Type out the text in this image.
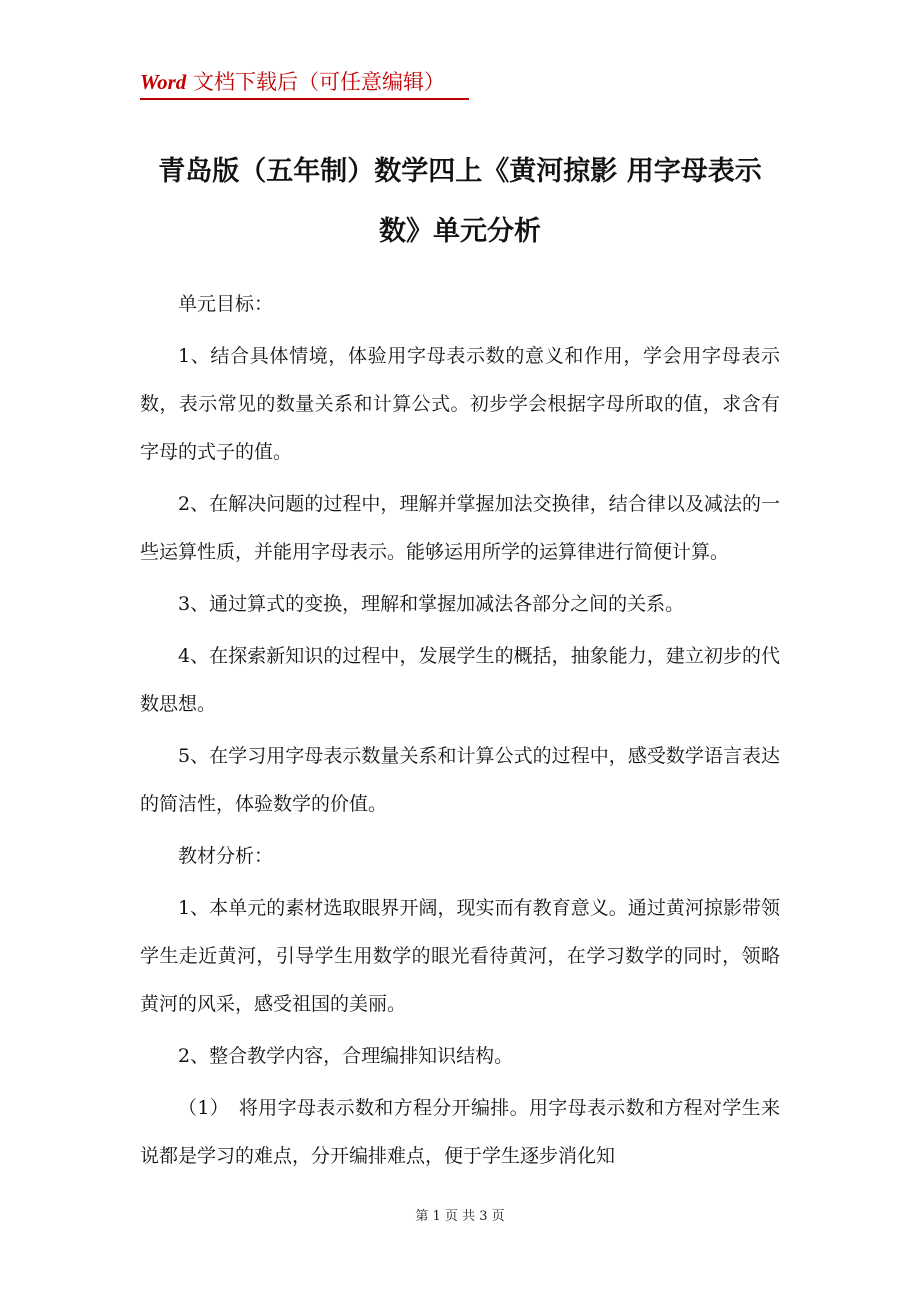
Word 文档下载后（可任意编辑）
青岛版（五年制）数学四上《黄河掠影 用字母表示数》单元分析

单元目标：

1、结合具体情境，体验用字母表示数的意义和作用，学会用字母表示数，表示常见的数量关系和计算公式。初步学会根据字母所取的值，求含有字母的式子的值。

2、在解决问题的过程中，理解并掌握加法交换律，结合律以及减法的一些运算性质，并能用字母表示。能够运用所学的运算律进行简便计算。

3、通过算式的变换，理解和掌握加减法各部分之间的关系。

4、在探索新知识的过程中，发展学生的概括，抽象能力，建立初步的代数思想。

5、在学习用字母表示数量关系和计算公式的过程中，感受数学语言表达的简洁性，体验数学的价值。

教材分析：

1、本单元的素材选取眼界开阔，现实而有教育意义。通过黄河掠影带领学生走近黄河，引导学生用数学的眼光看待黄河，在学习数学的同时，领略黄河的风采，感受祖国的美丽。

2、整合教学内容，合理编排知识结构。

（1）　将用字母表示数和方程分开编排。用字母表示数和方程对学生来说都是学习的难点，分开编排难点，便于学生逐步消化知

第 1 页 共 3 页
